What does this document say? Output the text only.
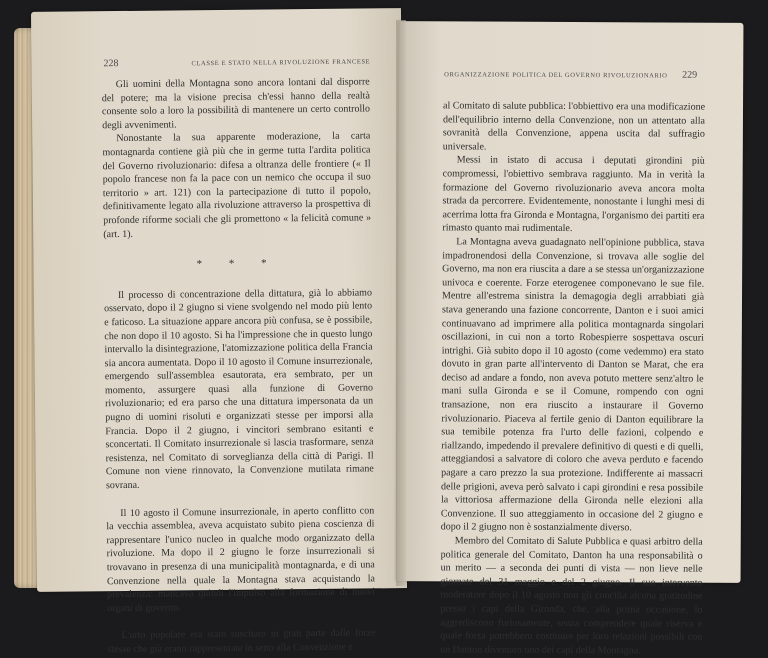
228	CLASSE E STATO NELLA RIVOLUZIONE FRANCESE

Gli uomini della Montagna sono ancora lontani dal disporre del potere; ma la visione precisa ch'essi hanno della realtà consente solo a loro la possibilità di mantenere un certo controllo degli avvenimenti.

Nonostante la sua apparente moderazione, la carta montagnarda contiene già più che in germe tutta l'ardita politica del Governo rivoluzionario: difesa a oltranza delle frontiere (« Il popolo francese non fa la pace con un nemico che occupa il suo territorio » art. 121) con la partecipazione di tutto il popolo, definitivamente legato alla rivoluzione attraverso la prospettiva di profonde riforme sociali che gli promettono « la felicità comune » (art. 1).

* * *

Il processo di concentrazione della dittatura, già lo abbiamo osservato, dopo il 2 giugno si viene svolgendo nel modo più lento e faticoso. La situazione appare ancora più confusa, se è possibile, che non dopo il 10 agosto. Si ha l'impressione che in questo lungo intervallo la disintegrazione, l'atomizzazione politica della Francia sia ancora aumentata. Dopo il 10 agosto il Comune insurrezionale, emergendo sull'assemblea esautorata, era sembrato, per un momento, assurgere quasi alla funzione di Governo rivoluzionario; ed era parso che una dittatura impersonata da un pugno di uomini risoluti e organizzati stesse per imporsi alla Francia. Dopo il 2 giugno, i vincitori sembrano esitanti e sconcertati. Il Comitato insurrezionale si lascia trasformare, senza resistenza, nel Comitato di sorveglianza della città di Parigi. Il Comune non viene rinnovato, la Convenzione mutilata rimane sovrana.

Il 10 agosto il Comune insurrezionale, in aperto conflitto con la vecchia assemblea, aveva acquistato subito piena coscienza di rappresentare l'unico nucleo in qualche modo organizzato della rivoluzione. Ma dopo il 2 giugno le forze insurrezionali si trovavano in presenza di una municipalità montagnarda, e di una Convenzione nella quale la Montagna stava acquistando la prevalenza: mancava quindi l'impulso alla formazione di nuovi organi di governo.

L'urto popolare era stato suscitato in gran parte dalle forze stesse che già erano rappresentate in seno alla Convenzione e

ORGANIZZAZIONE POLITICA DEL GOVERNO RIVOLUZIONARIO 229

al Comitato di salute pubblica: l'obbiettivo era una modificazione dell'equilibrio interno della Convenzione, non un attentato alla sovranità della Convenzione, appena uscita dal suffragio universale.

Messi in istato di accusa i deputati girondini più compromessi, l'obiettivo sembrava raggiunto. Ma in verità la formazione del Governo rivoluzionario aveva ancora molta strada da percorrere. Evidentemente, nonostante i lunghi mesi di acerrima lotta fra Gironda e Montagna, l'organismo dei partiti era rimasto quanto mai rudimentale.

La Montagna aveva guadagnato nell'opinione pubblica, stava impadronendosi della Convenzione, si trovava alle soglie del Governo, ma non era riuscita a dare a se stessa un'organizzazione univoca e coerente. Forze eterogenee componevano le sue file. Mentre all'estrema sinistra la demagogia degli arrabbiati già stava generando una fazione concorrente, Danton e i suoi amici continuavano ad imprimere alla politica montagnarda singolari oscillazioni, in cui non a torto Robespierre sospettava oscuri intrighi. Già subito dopo il 10 agosto (come vedemmo) era stato dovuto in gran parte all'intervento di Danton se Marat, che era deciso ad andare a fondo, non aveva potuto mettere senz'altro le mani sulla Gironda e se il Comune, rompendo con ogni transazione, non era riuscito a instaurare il Governo rivoluzionario. Piaceva al fertile genio di Danton equilibrare la sua temibile potenza fra l'urto delle fazioni, colpendo e riallzando, impedendo il prevalere definitivo di questi e di quelli, atteggiandosi a salvatore di coloro che aveva perduto e facendo pagare a caro prezzo la sua protezione. Indifferente ai massacri delle prigioni, aveva però salvato i capi girondini e resa possibile la vittoriosa affermazione della Gironda nelle elezioni alla Convenzione. Il suo atteggiamento in occasione del 2 giugno e dopo il 2 giugno non è sostanzialmente diverso.

Membro del Comitato di Salute Pubblica e quasi arbitro della politica generale del Comitato, Danton ha una responsabilità o un merito — a seconda dei punti di vista — non lieve nelle giornate del 31 maggio e del 2 giugno. Il suo intervento moderatore dopo il 10 agosto non gli concilia alcuna gratitudine presso i capi della Gironda, che, alla prima occasione, lo aggrediscono furiosamente, senza comprendere quale riserva e quale forza potrebbero costituire per loro relazioni possibili con un Danton diventato uno dei capi della Montagna.
